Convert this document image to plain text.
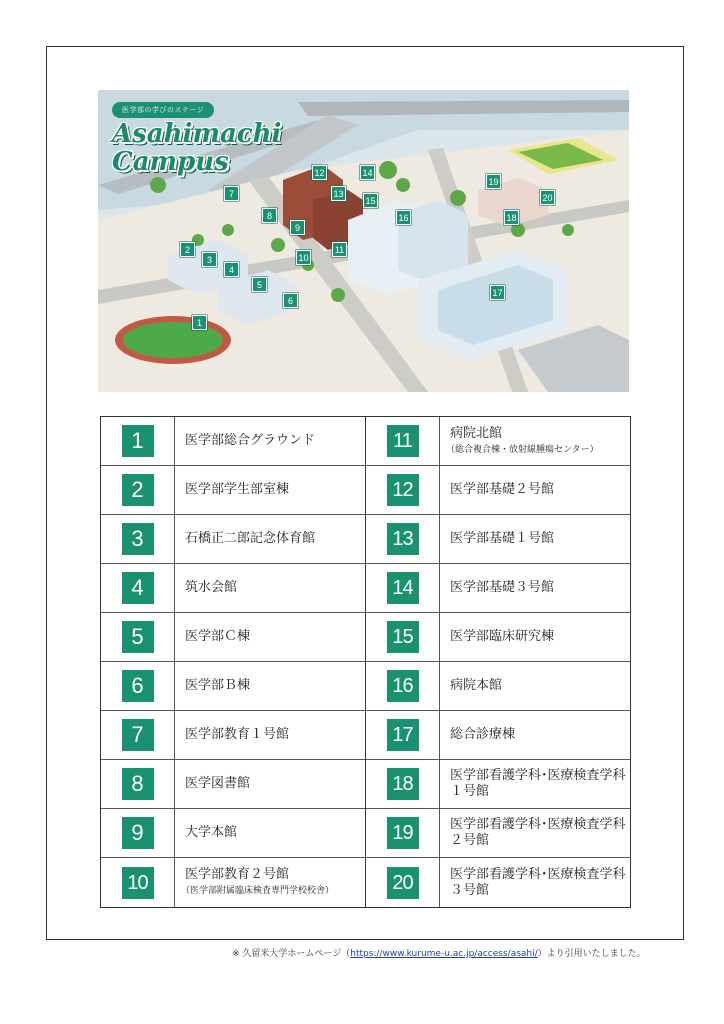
医学部の学びのステージ
Asahimachi
Campus
1
2
3
4
5
6
7
8
9
10
11
12
13
14
15
16
17
18
19
20
1	医学部総合グラウンド
2	医学部学生部室棟
3	石橋正二郎記念体育館
4	筑水会館
5	医学部Ｃ棟
6	医学部Ｂ棟
7	医学部教育１号館
8	医学図書館
9	大学本館
10	医学部教育２号館
（医学部附属臨床検査専門学校校舎）
11	病院北館
（総合複合棟・放射線腫瘍センター）
12	医学部基礎２号館
13	医学部基礎１号館
14	医学部基礎３号館
15	医学部臨床研究棟
16	病院本館
17	総合診療棟
18	医学部看護学科･医療検査学科
１号館
19	医学部看護学科･医療検査学科
２号館
20	医学部看護学科･医療検査学科
３号館
※ 久留米大学ホームページ（https://www.kurume-u.ac.jp/access/asahi/）より引用いたしました。
